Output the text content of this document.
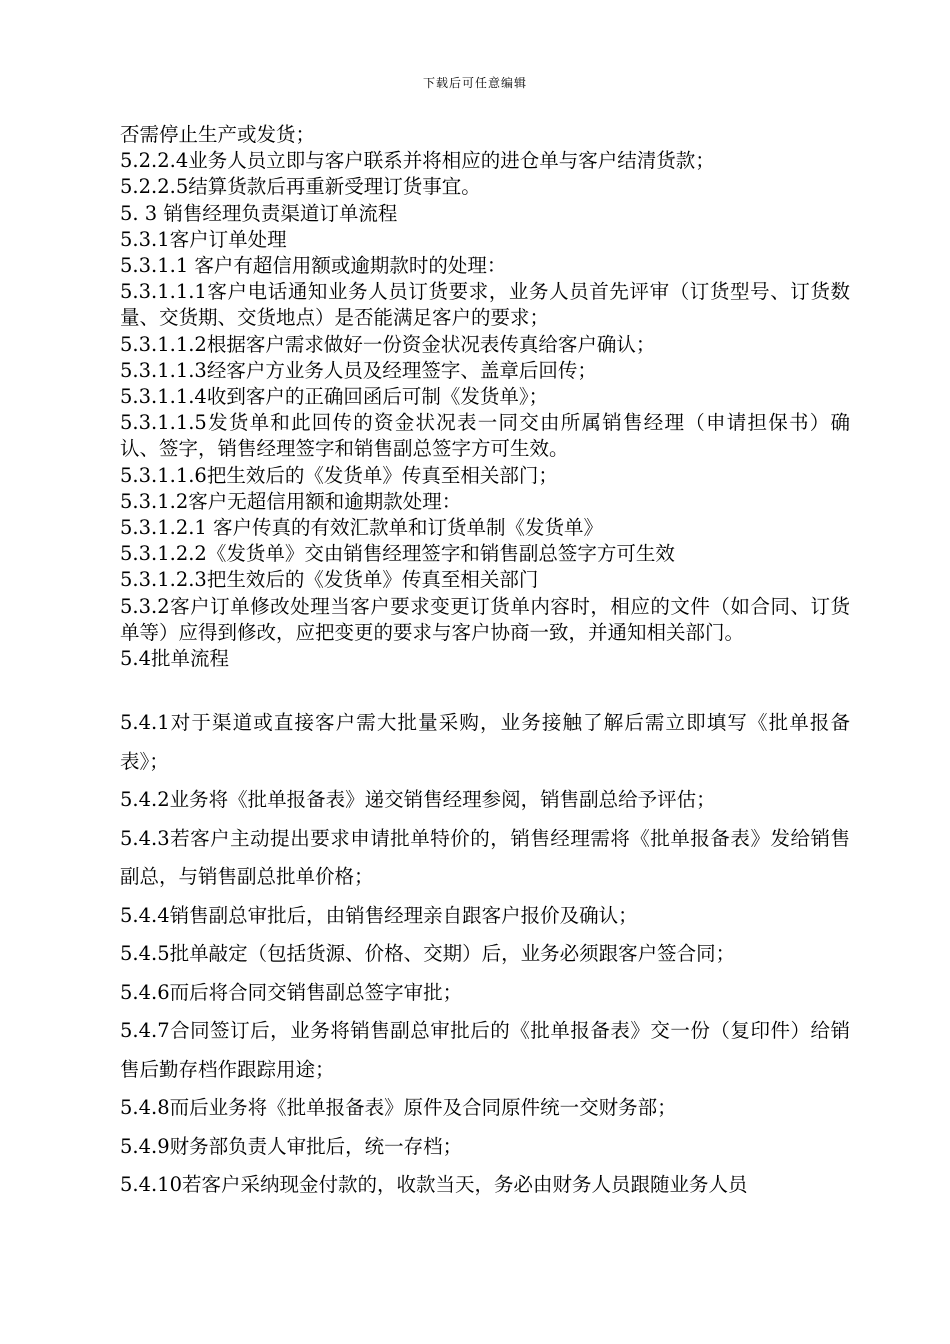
下载后可任意编辑

否需停止生产或发货；

5.2.2.4业务人员立即与客户联系并将相应的进仓单与客户结清货款；

5.2.2.5结算货款后再重新受理订货事宜。

5. 3 销售经理负责渠道订单流程

5.3.1客户订单处理

5.3.1.1 客户有超信用额或逾期款时的处理：

5.3.1.1.1客户电话通知业务人员订货要求，业务人员首先评审（订货型号、订货数量、交货期、交货地点）是否能满足客户的要求；

5.3.1.1.2根据客户需求做好一份资金状况表传真给客户确认；

5.3.1.1.3经客户方业务人员及经理签字、盖章后回传；

5.3.1.1.4收到客户的正确回函后可制《发货单》；

5.3.1.1.5发货单和此回传的资金状况表一同交由所属销售经理（申请担保书）确认、签字，销售经理签字和销售副总签字方可生效。

5.3.1.1.6把生效后的《发货单》传真至相关部门；

5.3.1.2客户无超信用额和逾期款处理：

5.3.1.2.1 客户传真的有效汇款单和订货单制《发货单》

5.3.1.2.2《发货单》交由销售经理签字和销售副总签字方可生效

5.3.1.2.3把生效后的《发货单》传真至相关部门

5.3.2客户订单修改处理当客户要求变更订货单内容时，相应的文件（如合同、订货单等）应得到修改，应把变更的要求与客户协商一致，并通知相关部门。

5.4批单流程

5.4.1对于渠道或直接客户需大批量采购，业务接触了解后需立即填写《批单报备表》；

5.4.2业务将《批单报备表》递交销售经理参阅，销售副总给予评估；

5.4.3若客户主动提出要求申请批单特价的，销售经理需将《批单报备表》发给销售副总，与销售副总批单价格；

5.4.4销售副总审批后，由销售经理亲自跟客户报价及确认；

5.4.5批单敲定（包括货源、价格、交期）后，业务必须跟客户签合同；

5.4.6而后将合同交销售副总签字审批；

5.4.7合同签订后，业务将销售副总审批后的《批单报备表》交一份（复印件）给销售后勤存档作跟踪用途；

5.4.8而后业务将《批单报备表》原件及合同原件统一交财务部；

5.4.9财务部负责人审批后，统一存档；

5.4.10若客户采纳现金付款的，收款当天，务必由财务人员跟随业务人员
